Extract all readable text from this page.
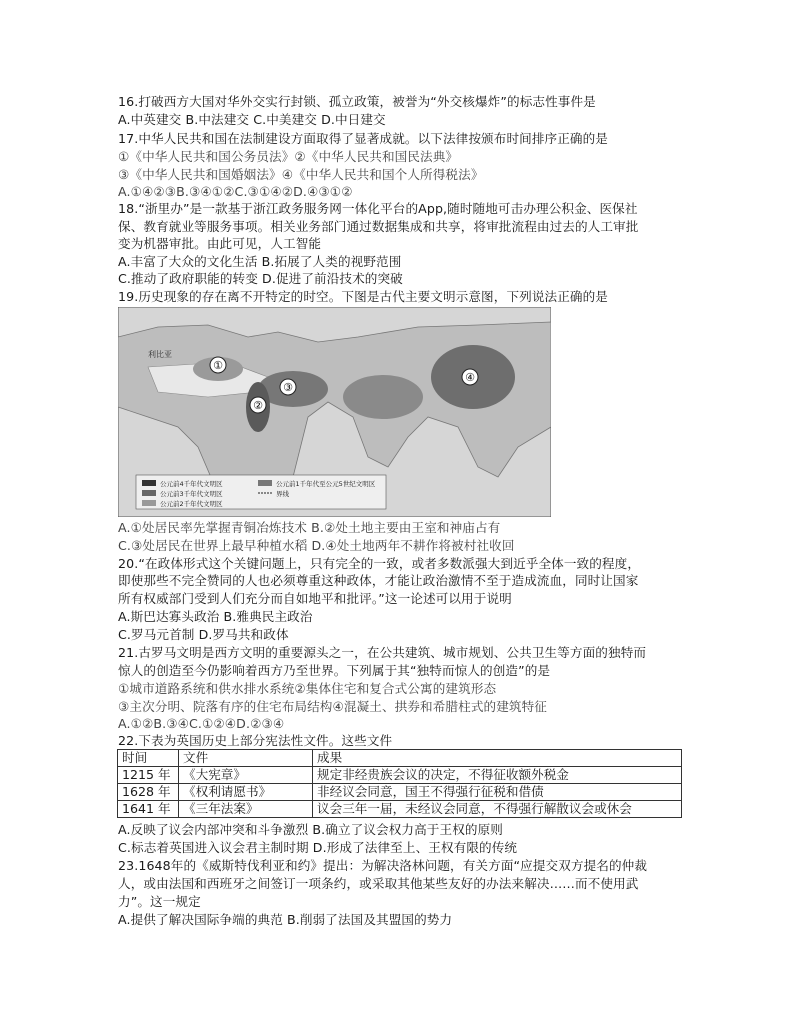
16.打破西方大国对华外交实行封锁、孤立政策，被誉为“外交核爆炸”的标志性事件是
A.中英建交 B.中法建交 C.中美建交 D.中日建交
17.中华人民共和国在法制建设方面取得了显著成就。以下法律按颁布时间排序正确的是
①《中华人民共和国公务员法》②《中华人民共和国民法典》
③《中华人民共和国婚姻法》④《中华人民共和国个人所得税法》
A.①④②③B.③④①②C.③①④②D.④③①②
18.“浙里办”是一款基于浙江政务服务网一体化平台的App,随时随地可击办理公积金、医保社
保、教育就业等服务事项。相关业务部门通过数据集成和共享，将审批流程由过去的人工审批
变为机器审批。由此可见，人工智能
A.丰富了大众的文化生活 B.拓展了人类的视野范围
C.推动了政府职能的转变 D.促进了前沿技术的突破
19.历史现象的存在离不开特定的时空。下图是古代主要文明示意图，下列说法正确的是
①
②
③
④
利比亚
公元前4千年代文明区
公元前3千年代文明区
公元前2千年代文明区
公元前1千年代至公元5世纪文明区
界线
A.①处居民率先掌握青铜冶炼技术 B.②处土地主要由王室和神庙占有
C.③处居民在世界上最早种植水稻 D.④处土地两年不耕作将被村社收回
20.“在政体形式这个关键问题上，只有完全的一致，或者多数派强大到近乎全体一致的程度，
即使那些不完全赞同的人也必须尊重这种政体，才能让政治激情不至于造成流血，同时让国家
所有权威部门受到人们充分而自如地平和批评。”这一论述可以用于说明
A.斯巴达寡头政治 B.雅典民主政治
C.罗马元首制 D.罗马共和政体
21.古罗马文明是西方文明的重要源头之一，在公共建筑、城市规划、公共卫生等方面的独特而
惊人的创造至今仍影响着西方乃至世界。下列属于其“独特而惊人的创造”的是
①城市道路系统和供水排水系统②集体住宅和复合式公寓的建筑形态
③主次分明、院落有序的住宅布局结构④混凝土、拱券和希腊柱式的建筑特征
A.①②B.③④C.①②④D.②③④
22.下表为英国历史上部分宪法性文件。这些文件
时间	文件	成果
1215 年	《大宪章》	规定非经贵族会议的决定，不得征收额外税金
1628 年	《权利请愿书》	非经议会同意，国王不得强行征税和借债
1641 年	《三年法案》	议会三年一届，未经议会同意，不得强行解散议会或休会
A.反映了议会内部冲突和斗争激烈 B.确立了议会权力高于王权的原则
C.标志着英国进入议会君主制时期 D.形成了法律至上、王权有限的传统
23.1648年的《威斯特伐利亚和约》提出：为解决洛林问题，有关方面“应提交双方提名的仲裁
人，或由法国和西班牙之间签订一项条约，或采取其他某些友好的办法来解决……而不使用武
力”。这一规定
A.提供了解决国际争端的典范 B.削弱了法国及其盟国的势力
